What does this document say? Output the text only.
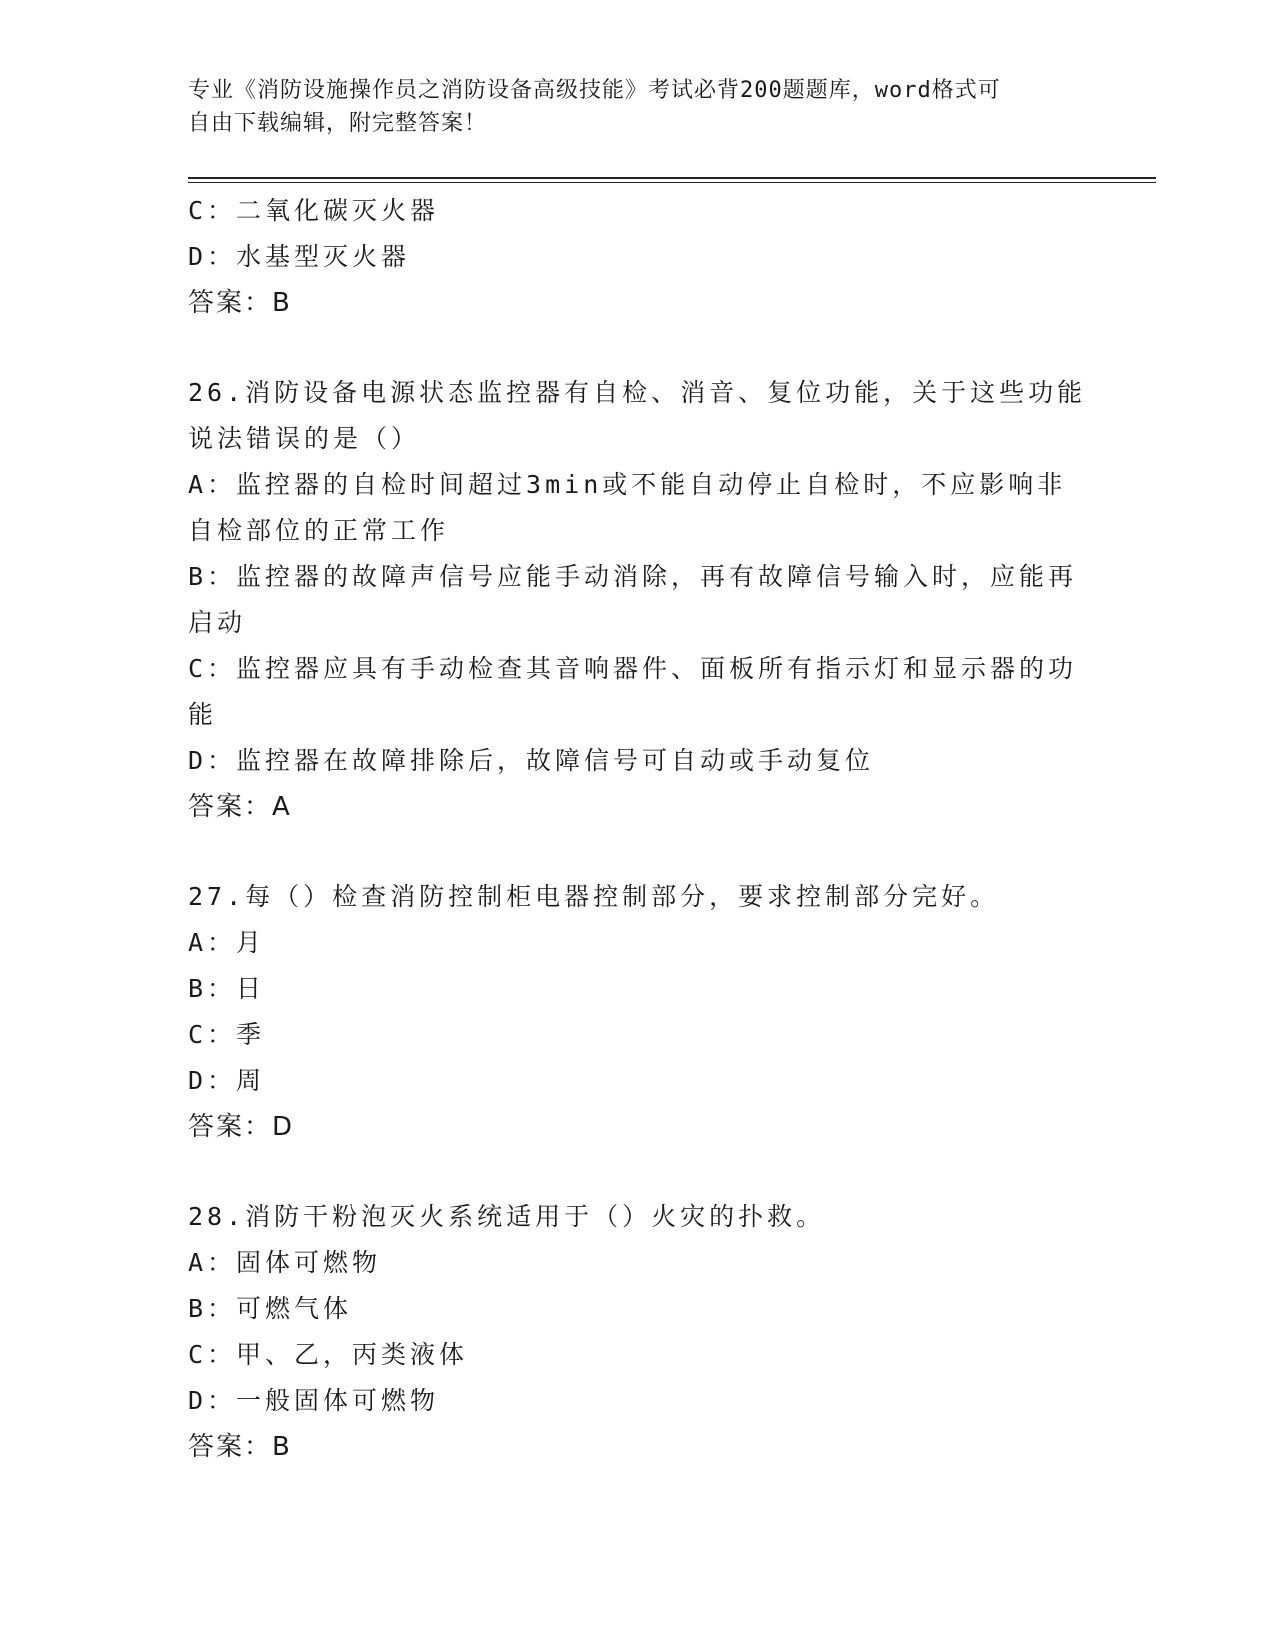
专业《消防设施操作员之消防设备高级技能》考试必背200题题库，word格式可
自由下载编辑，附完整答案！
C：二氧化碳灭火器
D：水基型灭火器
答案：B
26.消防设备电源状态监控器有自检、消音、复位功能，关于这些功能
说法错误的是（）
A：监控器的自检时间超过3min或不能自动停止自检时，不应影响非
自检部位的正常工作
B：监控器的故障声信号应能手动消除，再有故障信号输入时，应能再
启动
C：监控器应具有手动检查其音响器件、面板所有指示灯和显示器的功
能
D：监控器在故障排除后，故障信号可自动或手动复位
答案：A
27.每（）检查消防控制柜电器控制部分，要求控制部分完好。
A：月
B：日
C：季
D：周
答案：D
28.消防干粉泡灭火系统适用于（）火灾的扑救。
A：固体可燃物
B：可燃气体
C：甲、乙，丙类液体
D：一般固体可燃物
答案：B
